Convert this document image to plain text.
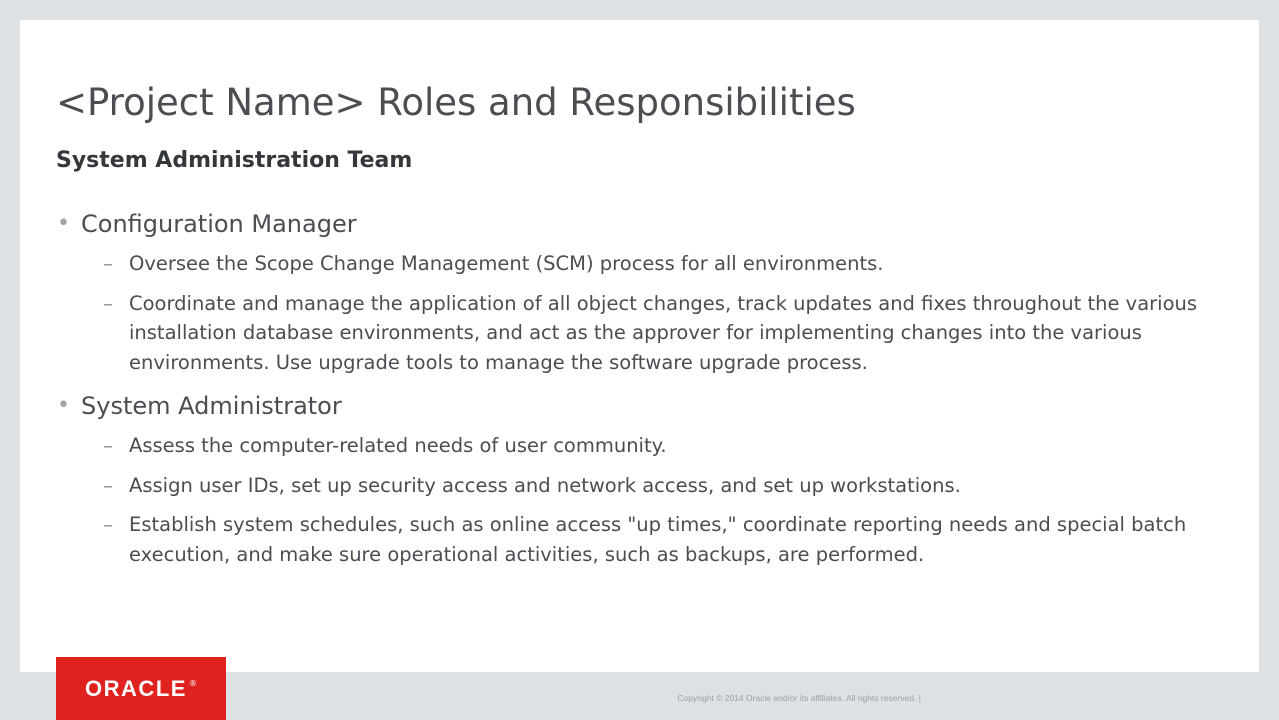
<Project Name> Roles and Responsibilities
System Administration Team
• Configuration Manager
– Oversee the Scope Change Management (SCM) process for all environments.
– Coordinate and manage the application of all object changes, track updates and fixes throughout the various installation database environments, and act as the approver for implementing changes into the various environments. Use upgrade tools to manage the software upgrade process.
• System Administrator
– Assess the computer-related needs of user community.
– Assign user IDs, set up security access and network access, and set up workstations.
– Establish system schedules, such as online access "up times," coordinate reporting needs and special batch execution, and make sure operational activities, such as backups, are performed.
ORACLE ®
Copyright © 2014 Oracle and/or its affiliates. All rights reserved. |
